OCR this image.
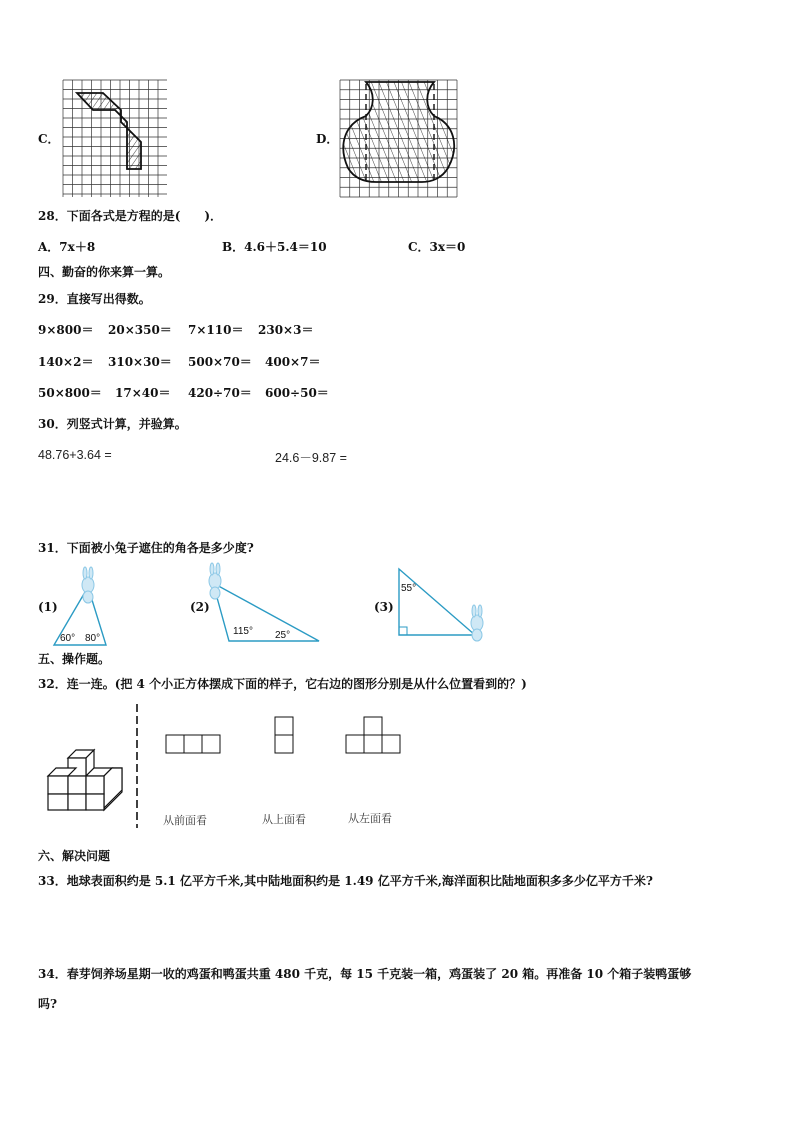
C．	D．
28．下面各式是方程的是(　　)．
A．7x＋8	B．4.6＋5.4＝10	C．3x＝0
四、勤奋的你来算一算。
29．直接写出得数。
9×800＝ 20×350＝ 7×110＝ 230×3＝
140×2＝ 310×30＝ 500×70＝ 400×7＝
50×800＝ 17×40＝ 420÷70＝ 600÷50＝
30．列竖式计算，并验算。
48.76+3.64 =	24.6－9.87 =
31．下面被小兔子遮住的角各是多少度?
(1)
60° 80°
(2)
115° 25°
(3)
55°
五、操作题。
32．连一连。(把 4 个小正方体摆成下面的样子，它右边的图形分别是从什么位置看到的？)
从前面看	从上面看	从左面看
六、解决问题
33．地球表面积约是 5.1 亿平方千米,其中陆地面积约是 1.49 亿平方千米,海洋面积比陆地面积多多少亿平方千米?
34．春芽饲养场星期一收的鸡蛋和鸭蛋共重 480 千克，每 15 千克装一箱，鸡蛋装了 20 箱。再准备 10 个箱子装鸭蛋够
吗?
